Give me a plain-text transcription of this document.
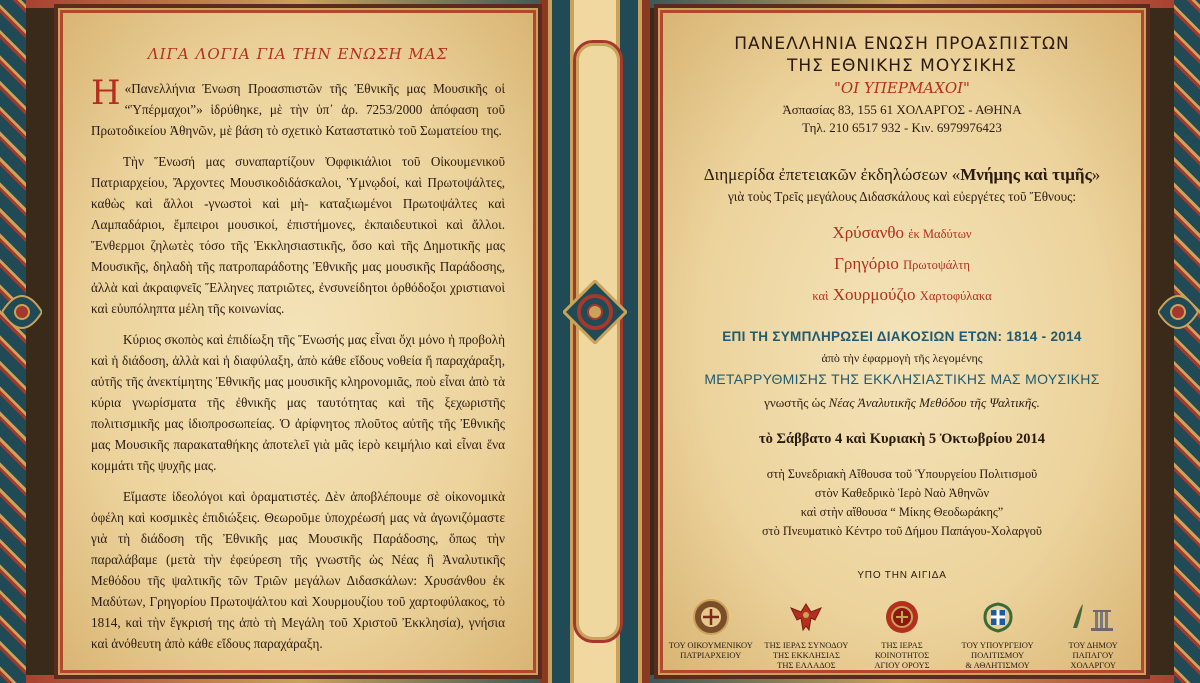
ΛΙΓΑ ΛΟΓΙΑ ΓΙΑ ΤΗΝ ΕΝΩΣΗ ΜΑΣ

Η «Πανελλήνια Ένωση Προασπιστῶν τῆς Ἐθνικῆς μας Μουσικῆς οἱ “Ὑπέρμαχοι”» ἱδρύθηκε, μὲ τὴν ὑπ᾽ ἀρ. 7253/2000 ἀπόφαση τοῦ Πρωτοδικείου Ἀθηνῶν, μὲ βάση τὸ σχετικὸ Καταστατικὸ τοῦ Σωματείου της.

Τὴν Ἕνωσή μας συναπαρτίζουν Ὀφφικιάλιοι τοῦ Οἰκουμενικοῦ Πατριαρχείου, Ἄρχοντες Μουσικοδιδάσκαλοι, Ὑμνῳδοί, καὶ Πρωτοψάλτες, καθὼς καὶ ἄλλοι -γνωστοὶ καὶ μὴ- καταξιωμένοι Πρωτοψάλτες καὶ Λαμπαδάριοι, ἔμπειροι μουσικοί, ἐπιστήμονες, ἐκπαιδευτικοὶ καὶ ἄλλοι. Ἔνθερμοι ζηλωτὲς τόσο τῆς Ἐκκλησιαστικῆς, ὅσο καὶ τῆς Δημοτικῆς μας Μουσικῆς, δηλαδὴ τῆς πατροπαράδοτης Ἐθνικῆς μας μουσικῆς Παράδοσης, ἀλλὰ καὶ ἀκραιφνεῖς Ἕλληνες πατριῶτες, ἐνσυνείδητοι ὀρθόδοξοι χριστιανοὶ καὶ εὐυπόληπτα μέλη τῆς κοινωνίας.

Κύριος σκοπὸς καὶ ἐπιδίωξη τῆς Ἕνωσής μας εἶναι ὄχι μόνο ἡ προβολὴ καὶ ἡ διάδοση, ἀλλὰ καὶ ἡ διαφύλαξη, ἀπὸ κάθε εἴδους νοθεία ἤ παραχάραξη, αὐτῆς τῆς ἀνεκτίμητης Ἐθνικῆς μας μουσικῆς κληρονομιᾶς, ποὺ εἶναι ἀπὸ τὰ κύρια γνωρίσματα τῆς ἐθνικῆς μας ταυτότητας καὶ τῆς ξεχωριστῆς πολιτισμικῆς μας ἰδιοπροσωπείας. Ὁ ἀρίφνητος πλοῦτος αὐτῆς τῆς Ἐθνικῆς μας Μουσικῆς παρακαταθήκης ἀποτελεῖ γιὰ μᾶς ἱερὸ κειμήλιο καὶ εἶναι ἕνα κομμάτι τῆς ψυχῆς μας.

Εἴμαστε ἰδεολόγοι καὶ ὁραματιστές. Δὲν ἀποβλέπουμε σὲ οἰκονομικὰ ὀφέλη καὶ κοσμικὲς ἐπιδιώξεις. Θεωροῦμε ὑποχρέωσή μας νὰ ἀγωνιζόμαστε γιὰ τὴ διάδοση τῆς Ἐθνικῆς μας Μουσικῆς Παράδοσης, ὅπως τὴν παραλάβαμε (μετὰ τὴν ἐφεύρεση τῆς γνωστῆς ὡς Νέας ἢ Ἀναλυτικῆς Μεθόδου τῆς ψαλτικῆς τῶν Τριῶν μεγάλων Διδασκάλων: Χρυσάνθου ἐκ Μαδύτων, Γρηγορίου Πρωτοψάλτου καὶ Χουρμουζίου τοῦ χαρτοφύλακος, τὸ 1814, καὶ τὴν ἔγκρισή της ἀπὸ τὴ Μεγάλη τοῦ Χριστοῦ Ἐκκλησία), γνήσια καὶ ἀνόθευτη ἀπὸ κάθε εἴδους παραχάραξη.

ΠΑΝΕΛΛΗΝΙΑ ΕΝΩΣΗ ΠΡΟΑΣΠΙΣΤΩΝ
ΤΗΣ ΕΘΝΙΚΗΣ ΜΟΥΣΙΚΗΣ
"ΟΙ ΥΠΕΡΜΑΧΟΙ"
Ἀσπασίας 83, 155 61 ΧΟΛΑΡΓΟΣ - ΑΘΗΝΑ
Τηλ. 210 6517 932 - Κιν. 6979976423
Διημερίδα ἐπετειακῶν ἐκδηλώσεων «Μνήμης καὶ τιμῆς»
γιὰ τοὺς Τρεῖς μεγάλους Διδασκάλους καὶ εὐεργέτες τοῦ Ἔθνους:
Χρύσανθο ἐκ Μαδύτων
Γρηγόριο Πρωτοψάλτη
καὶ Χουρμούζιο Χαρτοφύλακα
ΕΠΙ ΤΗ ΣΥΜΠΛΗΡΩΣΕΙ ΔΙΑΚΟΣΙΩΝ ΕΤΩΝ: 1814 - 2014
ἀπὸ τὴν ἐφαρμογὴ τῆς λεγομένης
ΜΕΤΑΡΡΥΘΜΙΣΗΣ ΤΗΣ ΕΚΚΛΗΣΙΑΣΤΙΚΗΣ ΜΑΣ ΜΟΥΣΙΚΗΣ
γνωστῆς ὡς Νέας Ἀναλυτικῆς Μεθόδου τῆς Ψαλτικῆς.
τὸ Σάββατο 4 καὶ Κυριακὴ 5 Ὀκτωβρίου 2014
στὴ Συνεδριακὴ Αἴθουσα τοῦ Ὑπουργείου Πολιτισμοῦ
στὸν Καθεδρικὸ Ἱερὸ Ναὸ Ἀθηνῶν
καὶ στὴν αἴθουσα “ Μίκης Θεοδωράκης”
στὸ Πνευματικὸ Κέντρο τοῦ Δήμου Παπάγου-Χολαργοῦ
ΥΠΟ ΤΗΝ ΑΙΓΙΔΑ
ΤΟΥ ΟΙΚΟΥΜΕΝΙΚΟΥ
ΠΑΤΡΙΑΡΧΕΙΟΥ
ΤΗΣ ΙΕΡΑΣ ΣΥΝΟΔΟΥ
ΤΗΣ ΕΚΚΛΗΣΙΑΣ
ΤΗΣ ΕΛΛΑΔΟΣ
ΤΗΣ ΙΕΡΑΣ
ΚΟΙΝΟΤΗΤΟΣ
ΑΓΙΟΥ ΟΡΟΥΣ
ΤΟΥ ΥΠΟΥΡΓΕΙΟΥ
ΠΟΛΙΤΙΣΜΟΥ
& ΑΘΛΗΤΙΣΜΟΥ
ΤΟΥ ΔΗΜΟΥ
ΠΑΠΑΓΟΥ
ΧΟΛΑΡΓΟΥ
